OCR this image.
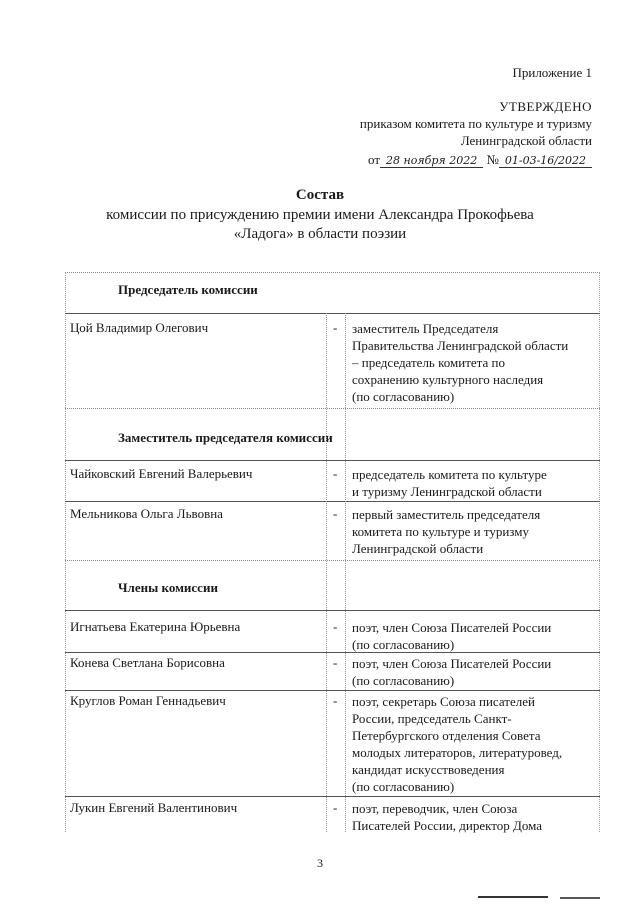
Приложение 1
УТВЕРЖДЕНО
приказом комитета по культуре и туризму
Ленинградской области
от 28 ноября 2022 № 01-03-16/2022
Состав
комиссии по присуждению премии имени Александра Прокофьева
«Ладога» в области поэзии
Председатель комиссии
Цой Владимир Олегович	- заместитель Председателя
Правительства Ленинградской области
– председатель комитета по
сохранению культурного наследия
(по согласованию)
Заместитель председателя комиссии
Чайковский Евгений Валерьевич	- председатель комитета по культуре
и туризму Ленинградской области
Мельникова Ольга Львовна	- первый заместитель председателя
комитета по культуре и туризму
Ленинградской области
Члены комиссии
Игнатьева Екатерина Юрьевна	- поэт, член Союза Писателей России
(по согласованию)
Конева Светлана Борисовна	- поэт, член Союза Писателей России
(по согласованию)
Круглов Роман Геннадьевич	- поэт, секретарь Союза писателей
России, председатель Санкт-
Петербургского отделения Совета
молодых литераторов, литературовед,
кандидат искусствоведения
(по согласованию)
Лукин Евгений Валентинович	- поэт, переводчик, член Союза
Писателей России, директор Дома
3
